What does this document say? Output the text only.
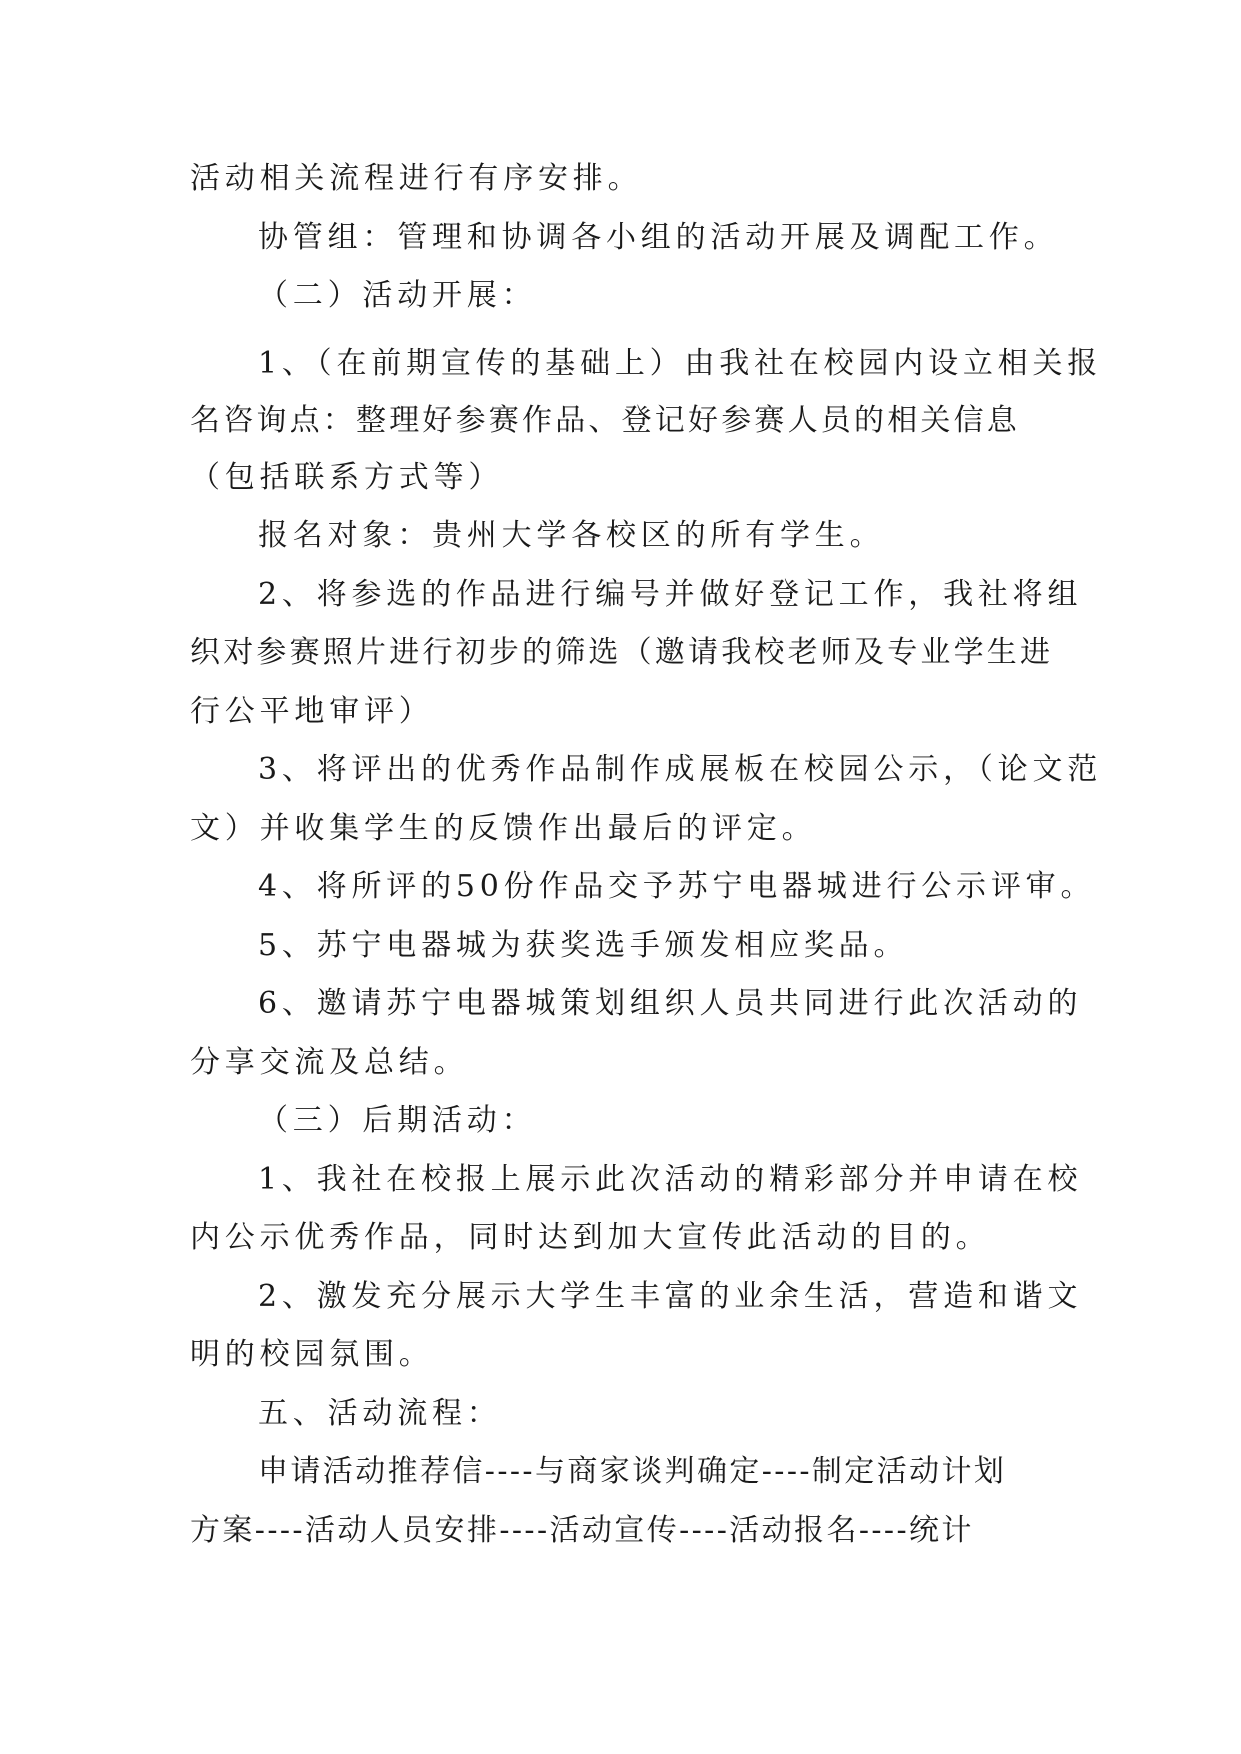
活动相关流程进行有序安排。
协管组：管理和协调各小组的活动开展及调配工作。
（二）活动开展：
1、（在前期宣传的基础上）由我社在校园内设立相关报
名咨询点：整理好参赛作品、登记好参赛人员的相关信息
（包括联系方式等）
报名对象：贵州大学各校区的所有学生。
2、将参选的作品进行编号并做好登记工作，我社将组
织对参赛照片进行初步的筛选（邀请我校老师及专业学生进
行公平地审评）
3、将评出的优秀作品制作成展板在校园公示，（论文范
文）并收集学生的反馈作出最后的评定。
4、将所评的50份作品交予苏宁电器城进行公示评审。
5、苏宁电器城为获奖选手颁发相应奖品。
6、邀请苏宁电器城策划组织人员共同进行此次活动的
分享交流及总结。
（三）后期活动：
1、我社在校报上展示此次活动的精彩部分并申请在校
内公示优秀作品，同时达到加大宣传此活动的目的。
2、激发充分展示大学生丰富的业余生活，营造和谐文
明的校园氛围。
五、活动流程：
申请活动推荐信----与商家谈判确定----制定活动计划
方案----活动人员安排----活动宣传----活动报名----统计
